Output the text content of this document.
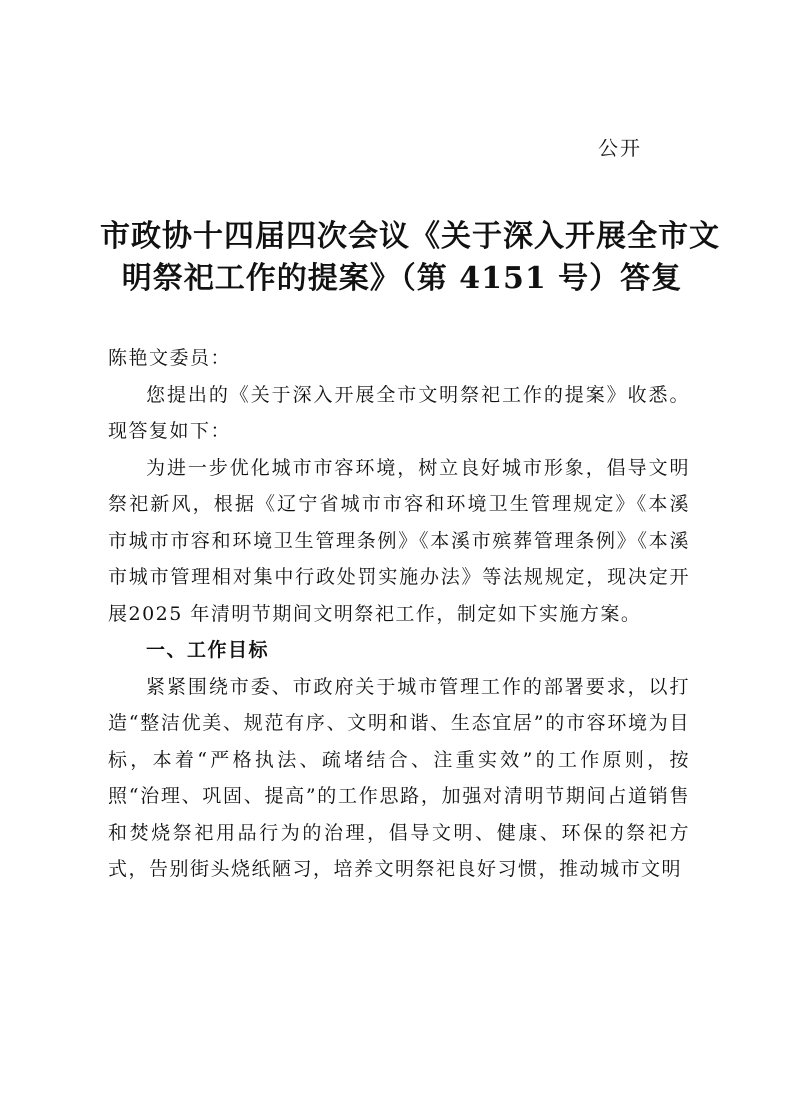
公开
市政协十四届四次会议《关于深入开展全市文
明祭祀工作的提案》（第 4151 号）答复

陈艳文委员：

您提出的《关于深入开展全市文明祭祀工作的提案》收悉。现答复如下：

为进一步优化城市市容环境，树立良好城市形象，倡导文明祭祀新风，根据《辽宁省城市市容和环境卫生管理规定》《本溪市城市市容和环境卫生管理条例》《本溪市殡葬管理条例》《本溪市城市管理相对集中行政处罚实施办法》等法规规定，现决定开展2025 年清明节期间文明祭祀工作，制定如下实施方案。

一、工作目标

紧紧围绕市委、市政府关于城市管理工作的部署要求，以打造“整洁优美、规范有序、文明和谐、生态宜居”的市容环境为目标，本着“严格执法、疏堵结合、注重实效”的工作原则，按照“治理、巩固、提高”的工作思路，加强对清明节期间占道销售和焚烧祭祀用品行为的治理，倡导文明、健康、环保的祭祀方式，告别街头烧纸陋习，培养文明祭祀良好习惯，推动城市文明
